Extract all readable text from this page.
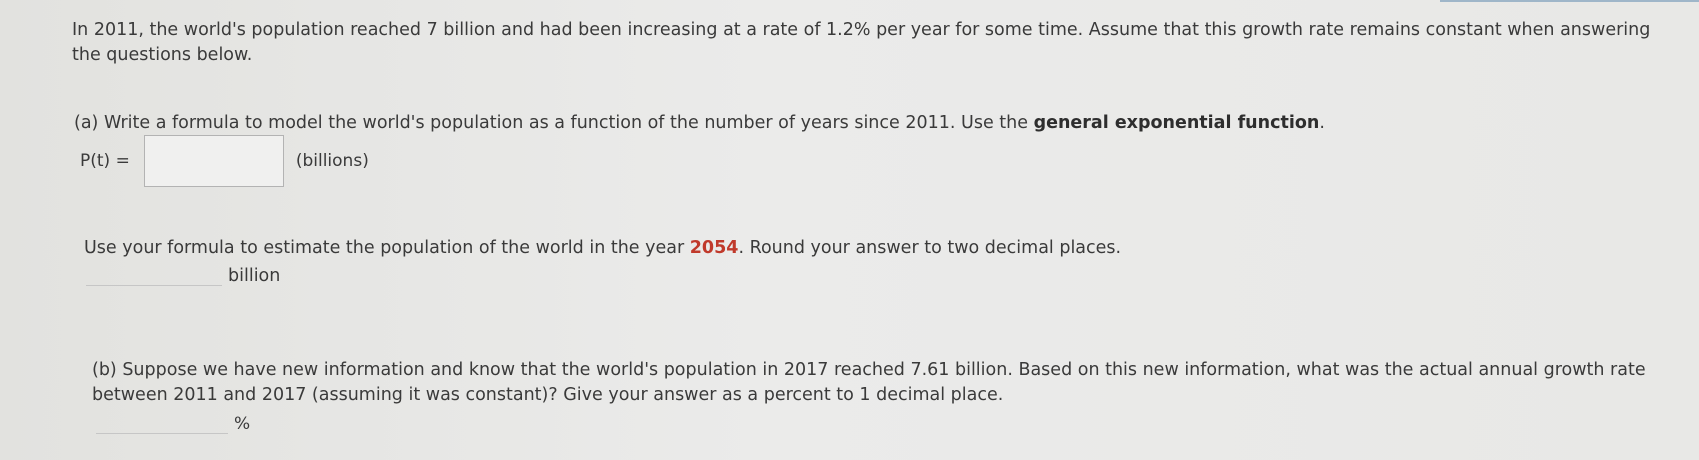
In 2011, the world's population reached 7 billion and had been increasing at a rate of 1.2% per year for some time. Assume that this growth rate remains constant when answering the questions below.
(a) Write a formula to model the world's population as a function of the number of years since 2011. Use the general exponential function.
P(t) =	(billions)
Use your formula to estimate the population of the world in the year 2054. Round your answer to two decimal places.
billion
(b) Suppose we have new information and know that the world's population in 2017 reached 7.61 billion. Based on this new information, what was the actual annual growth rate between 2011 and 2017 (assuming it was constant)? Give your answer as a percent to 1 decimal place.
%
